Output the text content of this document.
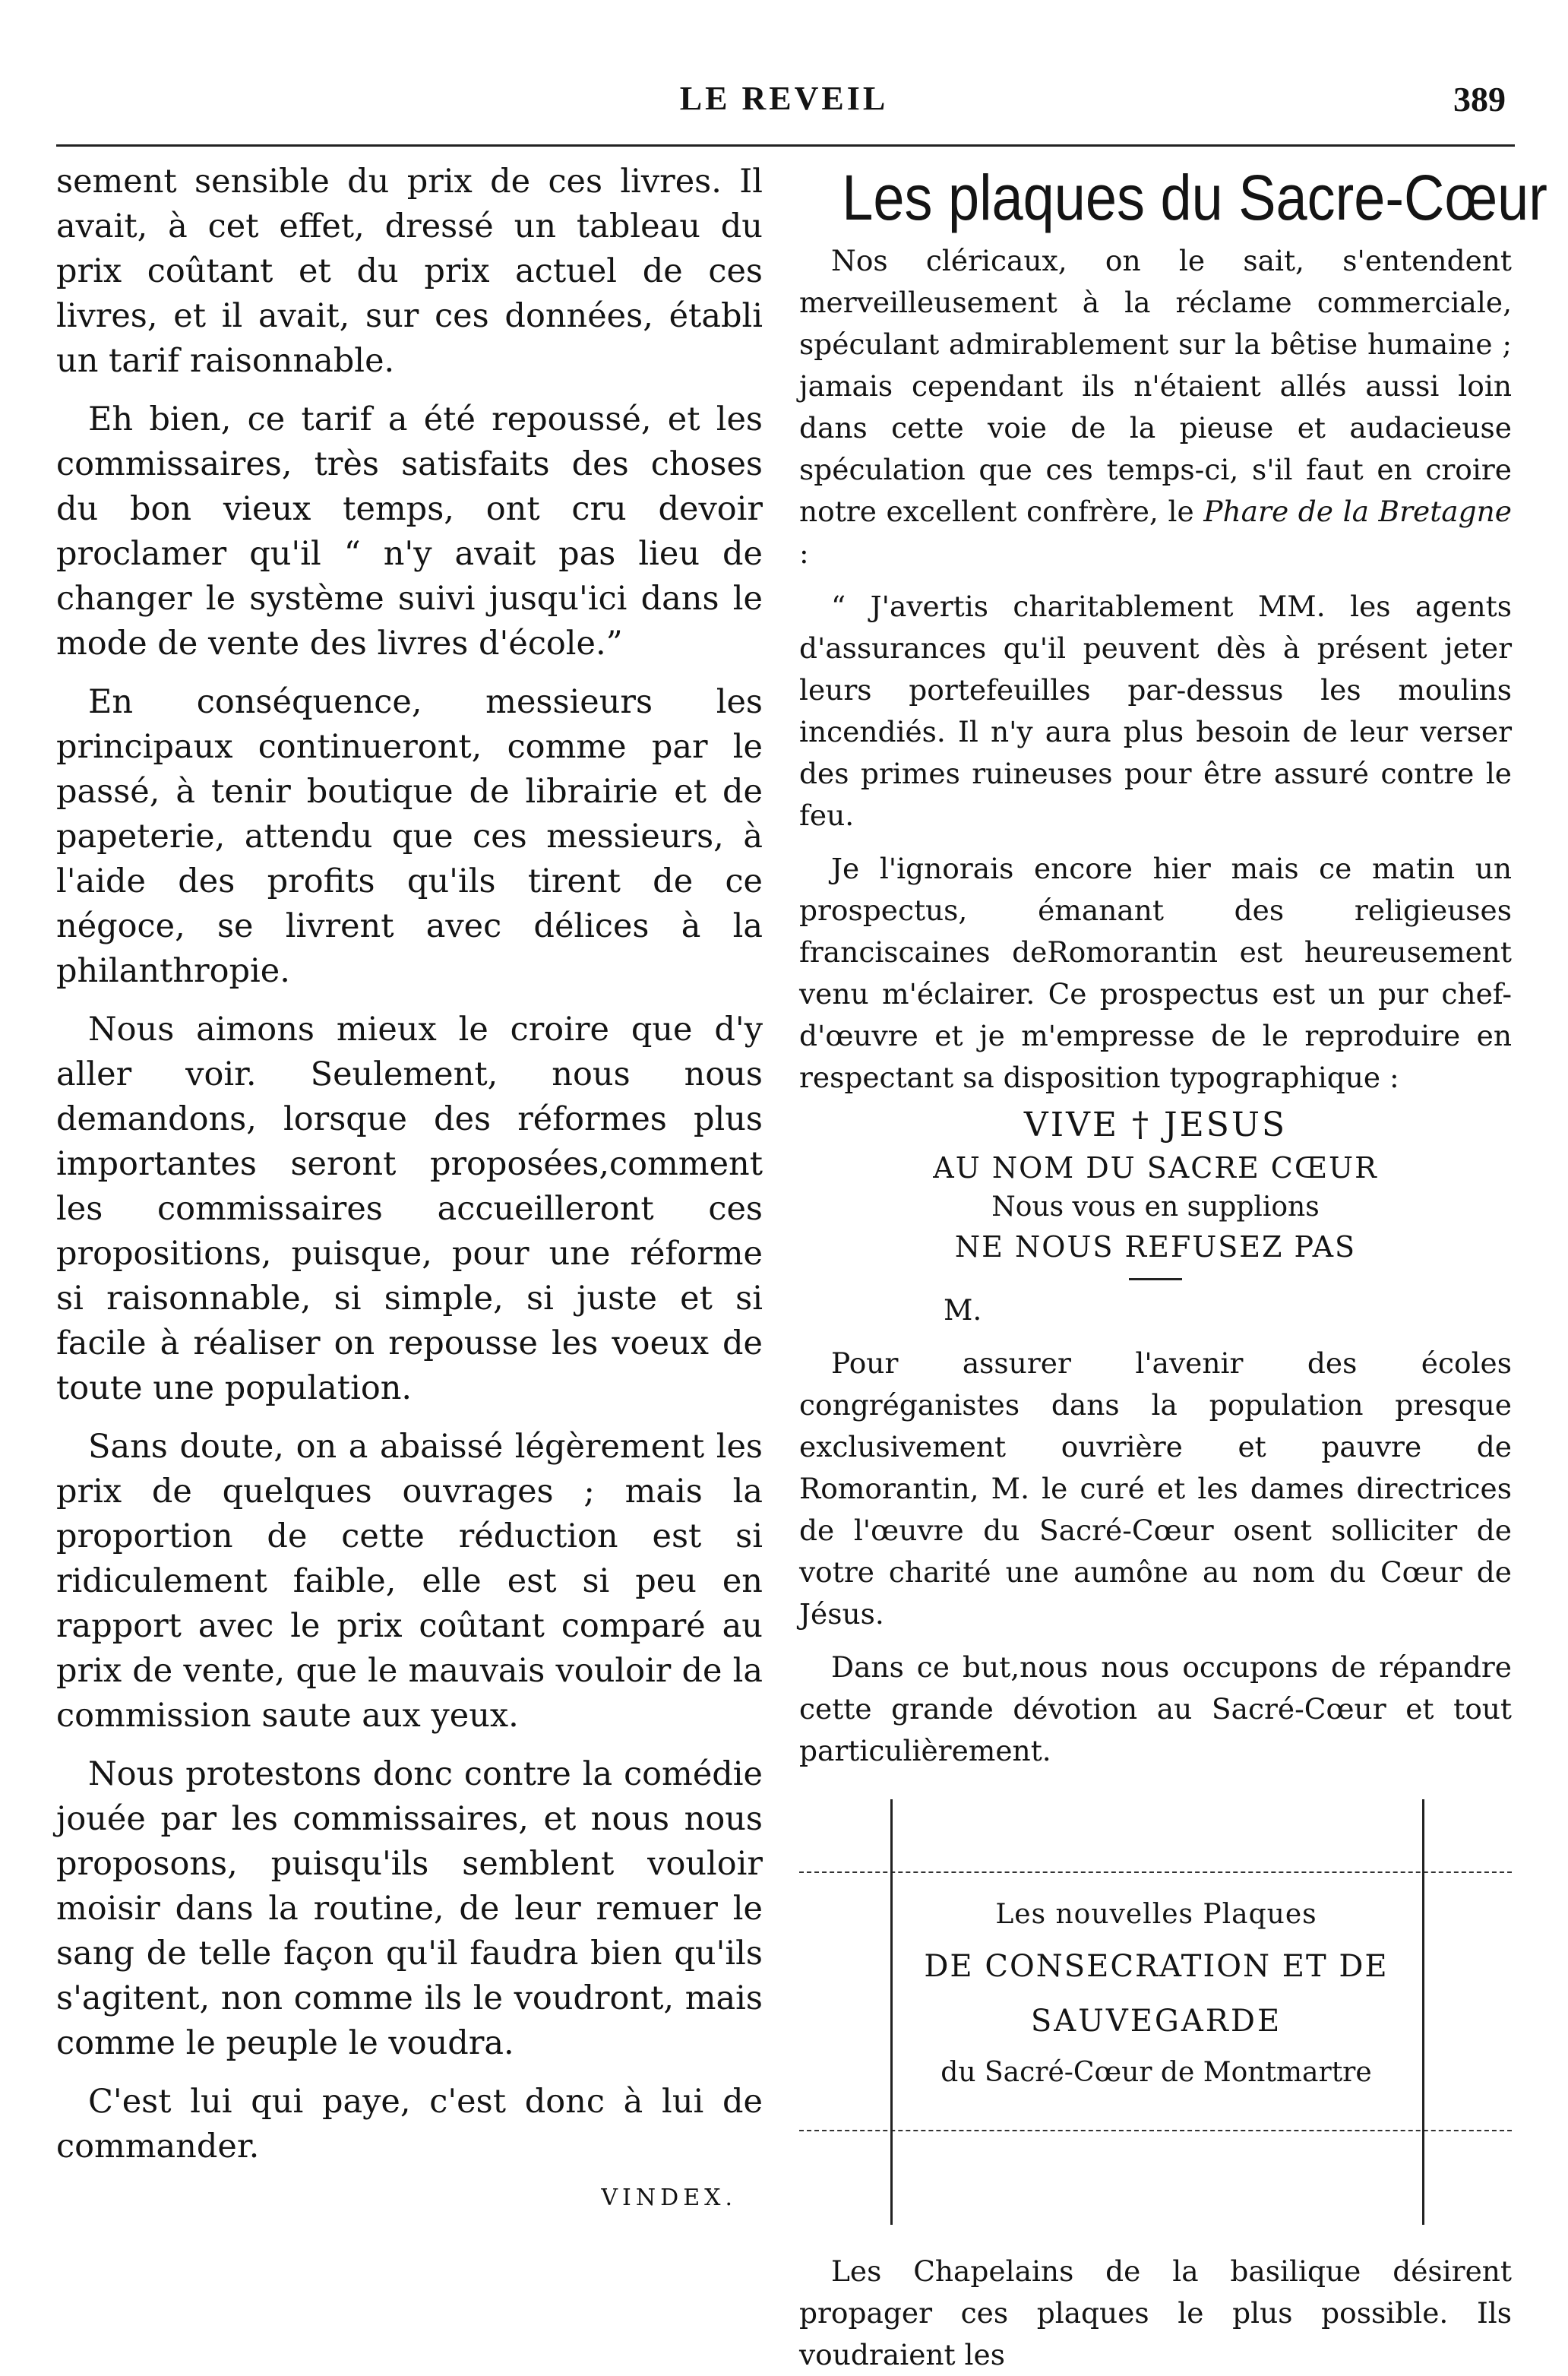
LE REVEIL	389

sement sensible du prix de ces livres. Il avait, à cet effet, dressé un tableau du prix coûtant et du prix actuel de ces livres, et il avait, sur ces données, établi un tarif raisonnable.

Eh bien, ce tarif a été repoussé, et les commissaires, très satisfaits des choses du bon vieux temps, ont cru devoir proclamer qu'il “ n'y avait pas lieu de changer le système suivi jusqu'ici dans le mode de vente des livres d'école.”

En conséquence, messieurs les principaux continueront, comme par le passé, à tenir boutique de librairie et de papeterie, attendu que ces messieurs, à l'aide des profits qu'ils tirent de ce négoce, se livrent avec délices à la philanthropie.

Nous aimons mieux le croire que d'y aller voir. Seulement, nous nous demandons, lorsque des réformes plus importantes seront proposées,comment les commissaires accueilleront ces propositions, puisque, pour une réforme si raisonnable, si simple, si juste et si facile à réaliser on repousse les voeux de toute une population.

Sans doute, on a abaissé légèrement les prix de quelques ouvrages ; mais la proportion de cette réduction est si ridiculement faible, elle est si peu en rapport avec le prix coûtant comparé au prix de vente, que le mauvais vouloir de la commission saute aux yeux.

Nous protestons donc contre la comédie jouée par les commissaires, et nous nous proposons, puisqu'ils semblent vouloir moisir dans la routine, de leur remuer le sang de telle façon qu'il faudra bien qu'ils s'agitent, non comme ils le voudront, mais comme le peuple le voudra.

C'est lui qui paye, c'est donc à lui de commander.

VINDEX.
Les plaques du Sacre-Cœur

Nos cléricaux, on le sait, s'entendent merveilleusement à la réclame commerciale, spéculant admirablement sur la bêtise humaine ; jamais cependant ils n'étaient allés aussi loin dans cette voie de la pieuse et audacieuse spéculation que ces temps-ci, s'il faut en croire notre excellent confrère, le Phare de la Bretagne :

“ J'avertis charitablement MM. les agents d'assurances qu'il peuvent dès à présent jeter leurs portefeuilles par-dessus les moulins incendiés. Il n'y aura plus besoin de leur verser des primes ruineuses pour être assuré contre le feu.

Je l'ignorais encore hier mais ce matin un prospectus, émanant des religieuses franciscaines deRomorantin est heureusement venu m'éclairer. Ce prospectus est un pur chef-d'œuvre et je m'empresse de le reproduire en respectant sa disposition typographique :

VIVE † JESUS
AU NOM DU SACRE CŒUR
Nous vous en supplions
NE NOUS REFUSEZ PAS

M.

Pour assurer l'avenir des écoles congréganistes dans la population presque exclusivement ouvrière et pauvre de Romorantin, M. le curé et les dames directrices de l'œuvre du Sacré-Cœur osent solliciter de votre charité une aumône au nom du Cœur de Jésus.

Dans ce but,nous nous occupons de répandre cette grande dévotion au Sacré-Cœur et tout particulièrement.

Les nouvelles Plaques
DE CONSECRATION ET DE
SAUVEGARDE
du Sacré-Cœur de Montmartre

Les Chapelains de la basilique désirent propager ces plaques le plus possible. Ils voudraient les
